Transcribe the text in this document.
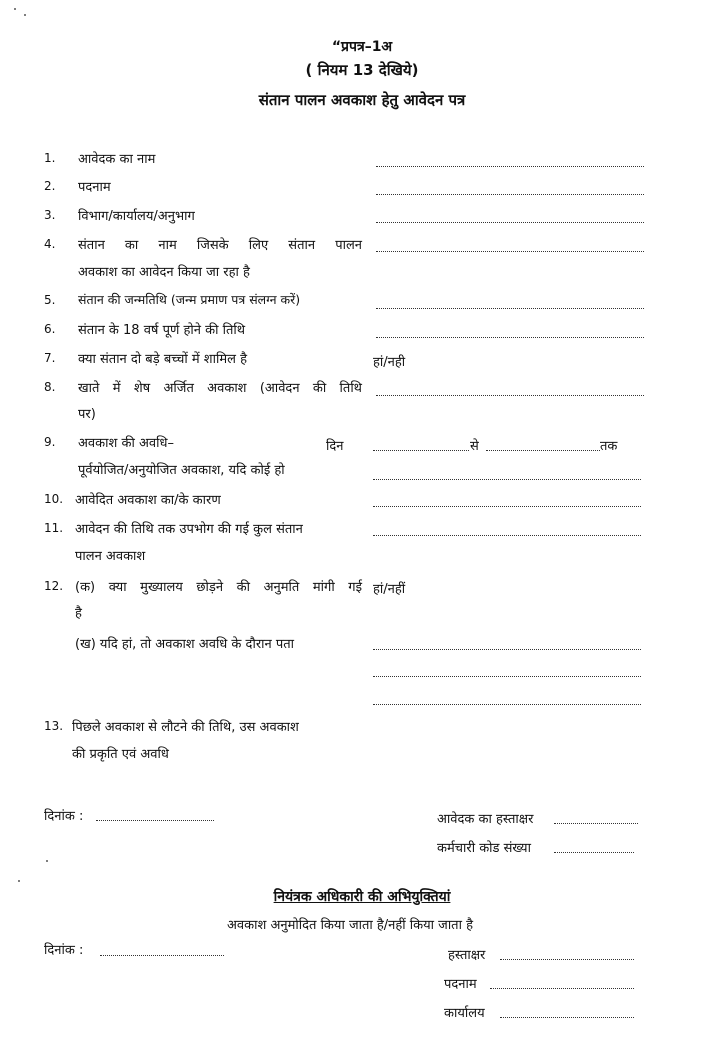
“प्रपत्र–1अ
( नियम 13 देखिये)
संतान पालन अवकाश हेतु आवेदन पत्र
1. आवेदक का नाम
2. पदनाम
3. विभाग/कार्यालय/अनुभाग
4. संतान का नाम जिसके लिए संतान पालन
अवकाश का आवेदन किया जा रहा है
5. संतान की जन्मतिथि (जन्म प्रमाण पत्र संलग्न करें)
6. संतान के 18 वर्ष पूर्ण होने की तिथि
7. क्या संतान दो बड़े बच्चों में शामिल है	हां/नही
8. खाते में शेष अर्जित अवकाश (आवेदन की तिथि
पर)
9. अवकाश की अवधि–	दिन	से	तक
पूर्वयोजित/अनुयोजित अवकाश, यदि कोई हो
10. आवेदित अवकाश का/के कारण
11. आवेदन की तिथि तक उपभोग की गई कुल संतान
पालन अवकाश
12. (क) क्या मुख्यालय छोड़ने की अनुमति मांगी गई हां/नहीं
है
(ख) यदि हां, तो अवकाश अवधि के दौरान पता
13. पिछले अवकाश से लौटने की तिथि, उस अवकाश
की प्रकृति एवं अवधि
दिनांक :	आवेदक का हस्ताक्षर
कर्मचारी कोड संख्या
नियंत्रक अधिकारी की अभियुक्तियां
अवकाश अनुमोदित किया जाता है/नहीं किया जाता है
दिनांक :	हस्ताक्षर
पदनाम
कार्यालय
